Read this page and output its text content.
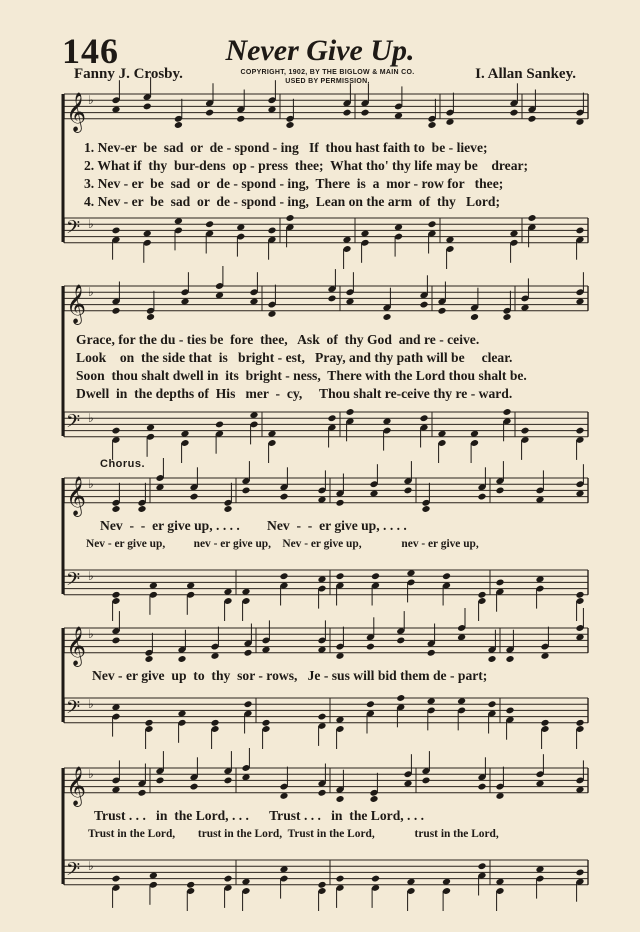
146	Never Give Up.
Fanny J. Crosby.	COPYRIGHT, 1902, BY THE BIGLOW & MAIN CO.
USED BY PERMISSION.	I. Allan Sankey.
𝄞 ♭
𝄢 ♭
𝄞 ♭
𝄢 ♭
𝄞 ♭
𝄢 ♭
𝄞 ♭
𝄢 ♭
𝄞 ♭
𝄢 ♭
1. Nev-er  be  sad  or  de - spond - ing   If  thou hast faith to  be - lieve;
2. What if  thy  bur-dens  op - press  thee;  What tho' thy life may be    drear;
3. Nev - er  be  sad  or  de - spond - ing,  There  is  a  mor - row for   thee;
4. Nev - er  be  sad  or  de - spond - ing,  Lean on the arm  of  thy   Lord;
Grace, for the du - ties be  fore  thee,   Ask  of  thy God  and re - ceive.
Look    on  the side that  is   bright - est,   Pray, and thy path will be     clear.
Soon  thou shalt dwell in  its  bright - ness,  There with the Lord thou shalt be.
Dwell  in  the depths of  His   mer  -  cy,     Thou shalt re-ceive thy re - ward.
Chorus.
Nev  -  -  er give up, . . . .        Nev  -  -  er give up, . . . .
Nev - er give up,          nev - er give up,    Nev - er give up,              nev - er give up,
Nev - er give  up  to  thy  sor - rows,   Je - sus will bid them de - part;
Trust . . .   in  the Lord, . . .      Trust . . .   in  the Lord, . . .
Trust in the Lord,        trust in the Lord,  Trust in the Lord,              trust in the Lord,
